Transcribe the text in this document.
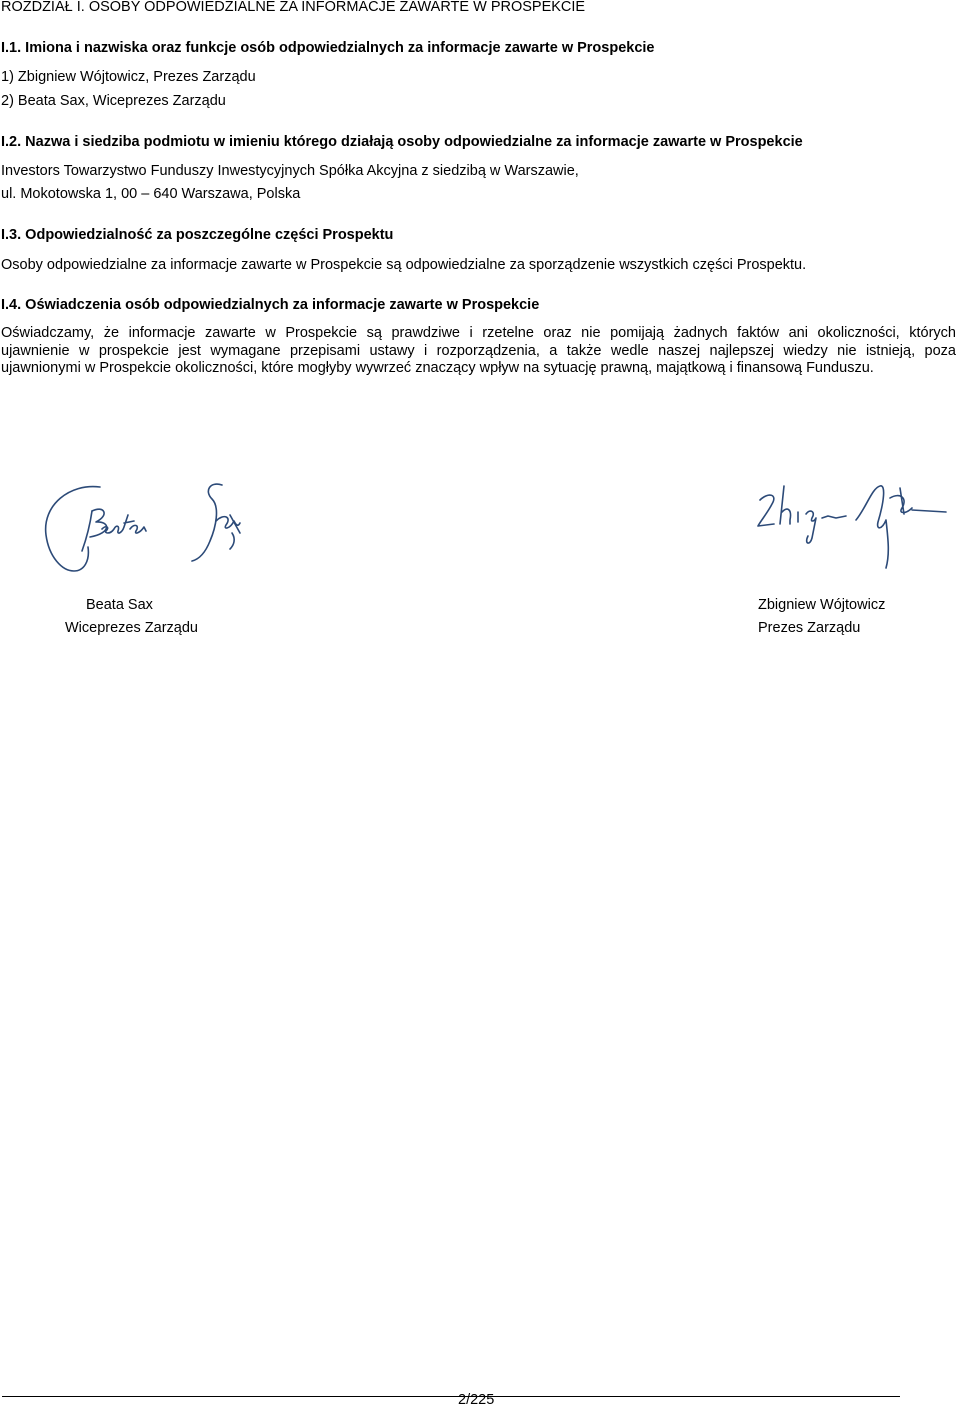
ROZDZIAŁ I. OSOBY ODPOWIEDZIALNE ZA INFORMACJE ZAWARTE W PROSPEKCIE
I.1. Imiona i nazwiska oraz funkcje osób odpowiedzialnych za informacje zawarte w Prospekcie
1) Zbigniew Wójtowicz, Prezes Zarządu
2) Beata Sax, Wiceprezes Zarządu
I.2. Nazwa i siedziba podmiotu w imieniu którego działają osoby odpowiedzialne za informacje zawarte w Prospekcie
Investors Towarzystwo Funduszy Inwestycyjnych Spółka Akcyjna z siedzibą w Warszawie,
ul. Mokotowska 1, 00 – 640 Warszawa, Polska
I.3. Odpowiedzialność za poszczególne części Prospektu
Osoby odpowiedzialne za informacje zawarte w Prospekcie są odpowiedzialne za sporządzenie wszystkich części Prospektu.
I.4. Oświadczenia osób odpowiedzialnych za informacje zawarte w Prospekcie
Oświadczamy, że informacje zawarte w Prospekcie są prawdziwe i rzetelne oraz nie pomijają żadnych faktów ani okoliczności, których
ujawnienie w prospekcie jest wymagane przepisami ustawy i rozporządzenia, a także wedle naszej najlepszej wiedzy nie istnieją, poza
ujawnionymi w Prospekcie okoliczności, które mogłyby wywrzeć znaczący wpływ na sytuację prawną, majątkową i finansową Funduszu.
Beata Sax
Wiceprezes Zarządu
Zbigniew Wójtowicz
Prezes Zarządu
2/225
